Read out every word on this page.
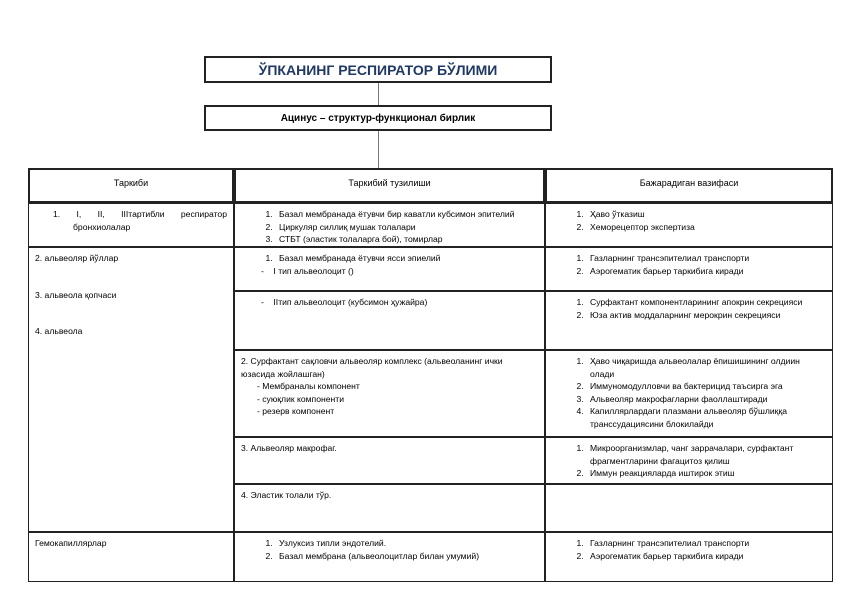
ЎПКАНИНГ РЕСПИРАТОР БЎЛИМИ
Ацинус – структур-функционал бирлик
Таркиби	Таркибий тузилиши	Бажарадиган вазифаси
1. I, II, IIIтартибли респиратор
бронхиолалар
2. альвеоляр йўллар
3. альвеола қопчаси
4. альвеола
Гемокапиллярлар
1. Базал мембранада ётувчи бир каватли кубсимон эпителий
2. Циркуляр силлиқ мушак толалари
3. СТБТ (эластик толаларга бой), томирлар
1. Базал мембранада ётувчи ясси эпиелий
-    I тип альвеолоцит ()
-    IIтип альвеолоцит (кубсимон ҳужайра)
2. Сурфактант сақловчи альвеоляр комплекс (альвеоланинг ички юзасида жойлашган)
- Мембраналы компонент
- суюқлик компоненти
- резерв компонент
3. Альвеоляр макрофаг.
4. Эластик толали тўр.
1. Узлуксиз типли эндотелий.
2. Базал мембрана (альвеолоцитлар билан умумий)
1. Ҳаво ўтказиш
2. Хеморецептор экспертиза
1. Газларнинг трансэпителиал транспорти
2. Аэрогематик барьер таркибига киради
1. Сурфактант компонентларининг апокрин секрецияси
2. Юза актив моддаларнинг мерокрин секрецияси
1. Ҳаво чиқаришда альвеолалар ёпишишининг олдиин олади
2. Иммуномодулловчи ва бактерицид таъсирга эга
3. Альвеоляр макрофагларни фаоллаштиради
4. Капиллярлардаги плазмани альвеоляр бўшлиққа транссудациясини блокилайди
1. Микроорганизмлар, чанг заррачалари, сурфактант фрагментларини фагацитоз қилиш
2. Иммун реакцияларда иштирок этиш
1. Газларнинг трансэпителиал транспорти
2. Аэрогематик барьер таркибига киради
